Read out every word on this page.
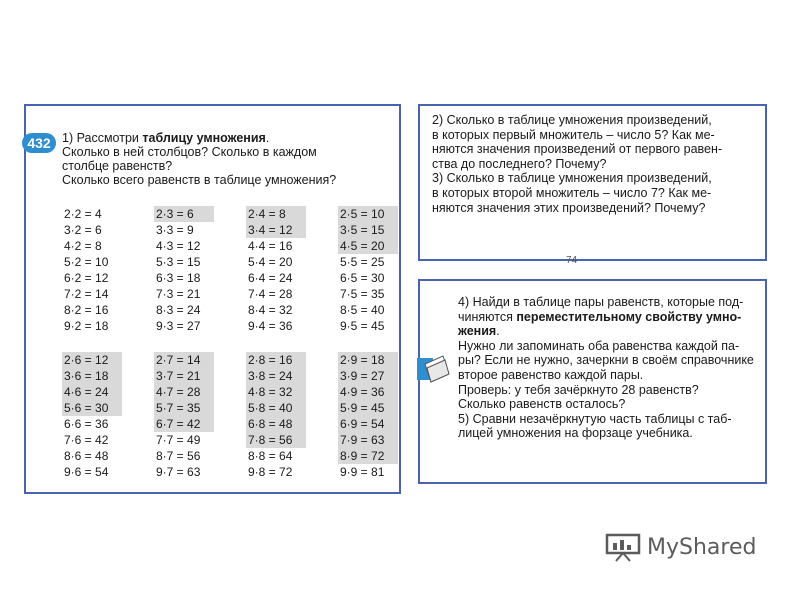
432 1) Рассмотри таблицу умножения.

Сколько в ней столбцов? Сколько в каждом

столбце равенств?

Сколько всего равенств в таблице умножения?

2·2 = 4
3·2 = 6
4·2 = 8
5·2 = 10
6·2 = 12
7·2 = 14
8·2 = 16
9·2 = 18
2·3 = 6
3·3 = 9
4·3 = 12
5·3 = 15
6·3 = 18
7·3 = 21
8·3 = 24
9·3 = 27
2·4 = 8
3·4 = 12
4·4 = 16
5·4 = 20
6·4 = 24
7·4 = 28
8·4 = 32
9·4 = 36
2·5 = 10
3·5 = 15
4·5 = 20
5·5 = 25
6·5 = 30
7·5 = 35
8·5 = 40
9·5 = 45
2·6 = 12
3·6 = 18
4·6 = 24
5·6 = 30
6·6 = 36
7·6 = 42
8·6 = 48
9·6 = 54
2·7 = 14
3·7 = 21
4·7 = 28
5·7 = 35
6·7 = 42
7·7 = 49
8·7 = 56
9·7 = 63
2·8 = 16
3·8 = 24
4·8 = 32
5·8 = 40
6·8 = 48
7·8 = 56
8·8 = 64
9·8 = 72
2·9 = 18
3·9 = 27
4·9 = 36
5·9 = 45
6·9 = 54
7·9 = 63
8·9 = 72
9·9 = 81

2) Сколько в таблице умножения произведений,

в которых первый множитель – число 5? Как ме-

няются значения произведений от первого равен-

ства до последнего? Почему?

3) Сколько в таблице умножения произведений,

в которых второй множитель – число 7? Как ме-

няются значения этих произведений? Почему?

74

4) Найди в таблице пары равенств, которые под-

чиняются переместительному свойству умно-

жения.

Нужно ли запоминать оба равенства каждой па-

ры? Если не нужно, зачеркни в своём справочнике

второе равенство каждой пары.

Проверь: у тебя зачёркнуто 28 равенств?

Сколько равенств осталось?

5) Сравни незачёркнутую часть таблицы с таб-

лицей умножения на форзаце учебника.

MyShared
